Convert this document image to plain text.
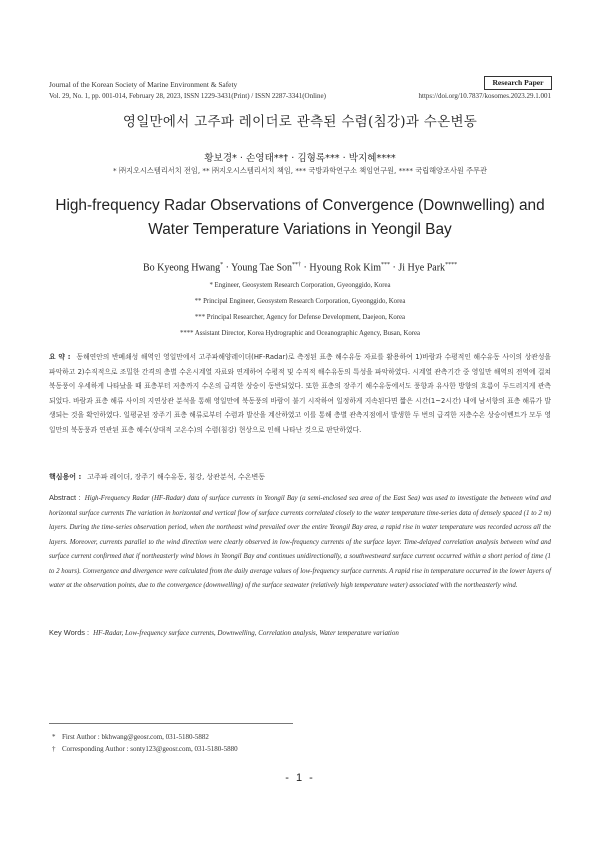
Journal of the Korean Society of Marine Environment & Safety	Research Paper
Vol. 29, No. 1, pp. 001-014, February 28, 2023, ISSN 1229-3431(Print) / ISSN 2287-3341(Online)	https://doi.org/10.7837/kosomes.2023.29.1.001
영일만에서 고주파 레이더로 관측된 수렴(침강)과 수온변동
황보경* · 손영태**† · 김형록*** · 박지혜****
* ㈜지오시스템리서치 전임, ** ㈜지오시스템리서치 책임, *** 국방과학연구소 책임연구원, **** 국립해양조사원 주무관
High-frequency Radar Observations of Convergence (Downwelling) and
Water Temperature Variations in Yeongil Bay
Bo Kyeong Hwang* · Young Tae Son**† · Hyoung Rok Kim*** · Ji Hye Park****
* Engineer, Geosystem Research Corporation, Gyeonggido, Korea
** Principal Engineer, Geosystem Research Corporation, Gyeonggido, Korea
*** Principal Researcher, Agency for Defense Development, Daejeon, Korea
**** Assistant Director, Korea Hydrographic and Oceanographic Agency, Busan, Korea
요 약 : 동해연안의 반폐쇄성 해역인 영일만에서 고주파해양레이더(HF-Radar)로 측정된 표층 해수유동 자료를 활용하여 1)바람과 수평적인 해수유동 사이의 상관성을 파악하고 2)수직적으로 조밀한 간격의 층별 수온시계열 자료와 연계하여 수평적 및 수직적 해수유동의 특성을 파악하였다. 시계열 관측기간 중 영일만 해역의 전역에 걸쳐 북동풍이 우세하게 나타났을 때 표층부터 저층까지 수온의 급격한 상승이 동반되었다. 또한 표층의 장주기 해수유동에서도 풍향과 유사한 방향의 흐름이 두드러지게 관측되었다. 바람과 표층 해류 사이의 지연상관 분석을 통해 영일만에 북동풍의 바람이 불기 시작하여 일정하게 지속된다면 짧은 시간(1~2시간) 내에 남서향의 표층 해류가 발생되는 것을 확인하였다. 일평균된 장주기 표층 해류로부터 수렴과 발산을 계산하였고 이를 통해 층별 관측지점에서 발생한 두 번의 급격한 저층수온 상승이벤트가 모두 영일만의 북동풍과 연관된 표층 해수(상대적 고온수)의 수렴(침강) 현상으로 인해 나타난 것으로 판단하였다.
핵심용어 : 고주파 레이더, 장주기 해수유동, 침강, 상관분석, 수온변동
Abstract : High-Frequency Radar (HF-Radar) data of surface currents in Yeongil Bay (a semi-enclosed sea area of the East Sea) was used to investigate the between wind and horizontal surface currents The variation in horizontal and vertical flow of surface currents correlated closely to the water temperature time-series data of densely spaced (1 to 2 m) layers. During the time-series observation period, when the northeast wind prevailed over the entire Yeongil Bay area, a rapid rise in water temperature was recorded across all the layers. Moreover, currents parallel to the wind direction were clearly observed in low-frequency currents of the surface layer. Time-delayed correlation analysis between wind and surface current confirmed that if northeasterly wind blows in Yeongil Bay and continues unidirectionally, a southwestward surface current occurred within a short period of time (1 to 2 hours). Convergence and divergence were calculated from the daily average values of low-frequency surface currents. A rapid rise in temperature occurred in the lower layers of water at the observation points, due to the convergence (downwelling) of the surface seawater (relatively high temperature water) associated with the northeasterly wind.
Key Words : HF-Radar, Low-frequency surface currents, Downwelling, Correlation analysis, Water temperature variation
* First Author : bkhwang@geosr.com, 031-5180-5882
† Corresponding Author : sonty123@geosr.com, 031-5180-5880
- 1 -
